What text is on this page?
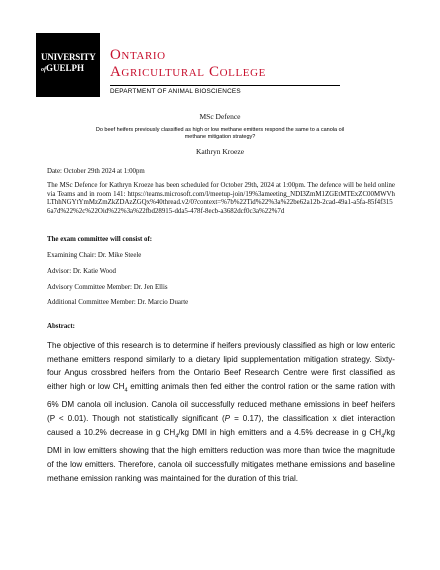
UNIVERSITY
ofGUELPH
Ontario
Agricultural College
DEPARTMENT OF ANIMAL BIOSCIENCES
MSc Defence
Do beef heifers previously classified as high or low methane emitters respond the same to a canola oil methane mitigation strategy?
Kathryn Kroeze
Date: October 29th 2024 at 1:00pm
The MSc Defence for Kathryn Kroeze has been scheduled for October 29th, 2024 at 1:00pm. The defence will be held online via Teams and in room 141: https://teams.microsoft.com/l/meetup-join/19%3ameeting_NDI3ZmM1ZGEtMTExZC00MWVhLThhNGYtYmMzZmZkZDAzZGQx%40thread.v2/0?context=%7b%22Tid%22%3a%22be62a12b-2cad-49a1-a5fa-85f4f3156a7d%22%2c%22Oid%22%3a%22fbd28915-dda5-478f-8ecb-a3682dcf0c3a%22%7d
The exam committee will consist of:
Examining Chair: Dr. Mike Steele
Advisor: Dr. Katie Wood
Advisory Committee Member: Dr. Jen Ellis
Additional Committee Member: Dr. Marcio Duarte
Abstract:
The objective of this research is to determine if heifers previously classified as high or low enteric methane emitters respond similarly to a dietary lipid supplementation mitigation strategy. Sixty-four Angus crossbred heifers from the Ontario Beef Research Centre were first classified as either high or low $CH_4$ emitting animals then fed either the control ration or the same ration with 6% DM canola oil inclusion. Canola oil successfully reduced methane emissions in beef heifers (P < 0.01). Though not statistically significant (P = 0.17), the classification x diet interaction caused a 10.2% decrease in g $CH_4/kg$ DMI in high emitters and a 4.5% decrease in g $CH_4/kg$ DMI in low emitters showing that the high emitters reduction was more than twice the magnitude of the low emitters. Therefore, canola oil successfully mitigates methane emissions and baseline methane emission ranking was maintained for the duration of this trial.
